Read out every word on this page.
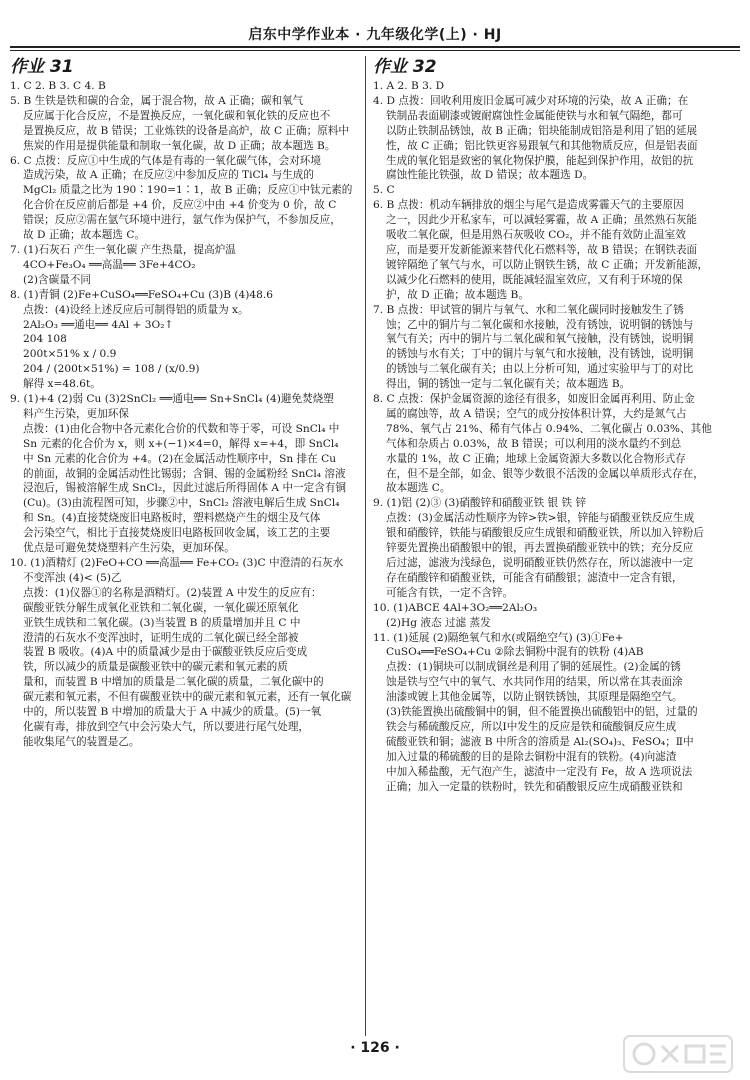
启东中学作业本 · 九年级化学(上) · HJ
作业 31
1. C 2. B 3. C 4. B
5. B 生铁是铁和碳的合金，属于混合物，故 A 正确；碳和氧气
反应属于化合反应，不是置换反应，一氧化碳和氧化铁的反应也不
是置换反应，故 B 错误；工业炼铁的设备是高炉，故 C 正确；原料中
焦炭的作用是提供能量和制取一氧化碳，故 D 正确；故本题选 B。
6. C 点拨：反应①中生成的气体是有毒的一氧化碳气体，会对环境
造成污染，故 A 正确；在反应②中参加反应的 TiCl₄ 与生成的
MgCl₂ 质量之比为 190∶190=1∶1，故 B 正确；反应①中钛元素的
化合价在反应前后都是 +4 价，反应②中由 +4 价变为 0 价，故 C
错误；反应②需在氩气环境中进行，氩气作为保护气，不参加反应，
故 D 正确；故本题选 C。
7. (1)石灰石 产生一氧化碳 产生热量，提高炉温
4CO+Fe₃O₄ ══高温══ 3Fe+4CO₂
(2)含碳量不同
8. (1)青铜 (2)Fe+CuSO₄══FeSO₄+Cu (3)B (4)48.6
点拨：(4)设经上述反应后可制得铝的质量为 x。
2Al₂O₃ ══通电══ 4Al + 3O₂↑
204 108
200t×51% x / 0.9
204 / (200t×51%) = 108 / (x/0.9)
解得 x=48.6t。
9. (1)+4 (2)弱 Cu (3)2SnCl₂ ══通电══ Sn+SnCl₄ (4)避免焚烧塑
料产生污染，更加环保
点拨：(1)由化合物中各元素化合价的代数和等于零，可设 SnCl₄ 中
Sn 元素的化合价为 x，则 x+(−1)×4=0，解得 x=+4，即 SnCl₄
中 Sn 元素的化合价为 +4。(2)在金属活动性顺序中，Sn 排在 Cu
的前面，故铜的金属活动性比锡弱；含铜、锡的金属粉经 SnCl₄ 溶液
浸泡后，锡被溶解生成 SnCl₂，因此过滤后所得固体 A 中一定含有铜
(Cu)。(3)由流程图可知，步骤②中，SnCl₂ 溶液电解后生成 SnCl₄
和 Sn。(4)直接焚烧废旧电路板时，塑料燃烧产生的烟尘及气体
会污染空气，相比于直接焚烧废旧电路板回收金属，该工艺的主要
优点是可避免焚烧塑料产生污染，更加环保。
10. (1)酒精灯 (2)FeO+CO ══高温══ Fe+CO₂ (3)C 中澄清的石灰水
不变浑浊 (4)< (5)乙
点拨：(1)仪器①的名称是酒精灯。(2)装置 A 中发生的反应有：
碳酸亚铁分解生成氧化亚铁和二氧化碳，一氧化碳还原氧化
亚铁生成铁和二氧化碳。(3)当装置 B 的质量增加并且 C 中
澄清的石灰水不变浑浊时，证明生成的二氧化碳已经全部被
装置 B 吸收。(4)A 中的质量减少是由于碳酸亚铁反应后变成
铁，所以减少的质量是碳酸亚铁中的碳元素和氧元素的质
量和，而装置 B 中增加的质量是二氧化碳的质量，二氧化碳中的
碳元素和氧元素，不但有碳酸亚铁中的碳元素和氧元素，还有一氧化碳
中的，所以装置 B 中增加的质量大于 A 中减少的质量。(5)一氧
化碳有毒，排放到空气中会污染大气，所以要进行尾气处理，
能收集尾气的装置是乙。
作业 32
1. A 2. B 3. D
4. D 点拨：回收利用废旧金属可减少对环境的污染，故 A 正确；在
铁制品表面刷漆或镀耐腐蚀性金属能使铁与水和氧气隔绝，都可
以防止铁制品锈蚀，故 B 正确；铝块能制成铝箔是利用了铝的延展
性，故 C 正确；铝比铁更容易跟氧气和其他物质反应，但是铝表面
生成的氧化铝是致密的氧化物保护膜，能起到保护作用，故铝的抗
腐蚀性能比铁强，故 D 错误；故本题选 D。
5. C
6. B 点拨：机动车辆排放的烟尘与尾气是造成雾霾天气的主要原因
之一，因此少开私家车，可以减轻雾霾，故 A 正确；虽然熟石灰能
吸收二氧化碳，但是用熟石灰吸收 CO₂，并不能有效防止温室效
应，而是要开发新能源来替代化石燃料等，故 B 错误；在钢铁表面
镀锌隔绝了氧气与水，可以防止钢铁生锈，故 C 正确；开发新能源，
以减少化石燃料的使用，既能减轻温室效应，又有利于环境的保
护，故 D 正确；故本题选 B。
7. B 点拨：甲试管的铜片与氧气、水和二氧化碳同时接触发生了锈
蚀；乙中的铜片与二氧化碳和水接触，没有锈蚀，说明铜的锈蚀与
氧气有关；丙中的铜片与二氧化碳和氧气接触，没有锈蚀，说明铜
的锈蚀与水有关；丁中的铜片与氧气和水接触，没有锈蚀，说明铜
的锈蚀与二氧化碳有关；由以上分析可知，通过实验甲与丁的对比
得出，铜的锈蚀一定与二氧化碳有关；故本题选 B。
8. C 点拨：保护金属资源的途径有很多，如废旧金属再利用、防止金
属的腐蚀等，故 A 错误；空气的成分按体积计算，大约是氮气占
78%、氧气占 21%、稀有气体占 0.94%、二氧化碳占 0.03%、其他
气体和杂质占 0.03%，故 B 错误；可以利用的淡水量约不到总
水量的 1%，故 C 正确；地球上金属资源大多数以化合物形式存
在，但不是全部，如金、银等少数很不活泼的金属以单质形式存在，
故本题选 C。
9. (1)铝 (2)③ (3)硝酸锌和硝酸亚铁 银 铁 锌
点拨：(3)金属活动性顺序为锌>铁>银，锌能与硝酸亚铁反应生成
银和硝酸锌，铁能与硝酸银反应生成银和硝酸亚铁，所以加入锌粉后
锌要先置换出硝酸银中的银，再去置换硝酸亚铁中的铁；充分反应
后过滤，滤液为浅绿色，说明硝酸亚铁仍然存在，所以滤液中一定
存在硝酸锌和硝酸亚铁，可能含有硝酸银；滤渣中一定含有银，
可能含有铁，一定不含锌。
10. (1)ABCE 4Al+3O₂══2Al₂O₃
(2)Hg 液态 过滤 蒸发
11. (1)延展 (2)隔绝氧气和水(或隔绝空气) (3)①Fe+
CuSO₄══FeSO₄+Cu ②除去铜粉中混有的铁粉 (4)AB
点拨：(1)铜块可以制成铜丝是利用了铜的延展性。(2)金属的锈
蚀是铁与空气中的氧气、水共同作用的结果，所以常在其表面涂
油漆或镀上其他金属等，以防止钢铁锈蚀，其原理是隔绝空气。
(3)铁能置换出硫酸铜中的铜，但不能置换出硫酸铝中的铝，过量的
铁会与稀硫酸反应，所以Ⅰ中发生的反应是铁和硫酸铜反应生成
硫酸亚铁和铜；滤液 B 中所含的溶质是 Al₂(SO₄)₃、FeSO₄；Ⅱ中
加入过量的稀硫酸的目的是除去铜粉中混有的铁粉。(4)向滤渣
中加入稀盐酸，无气泡产生，滤渣中一定没有 Fe，故 A 选项说法
正确；加入一定量的铁粉时，铁先和硝酸银反应生成硝酸亚铁和
· 126 ·
